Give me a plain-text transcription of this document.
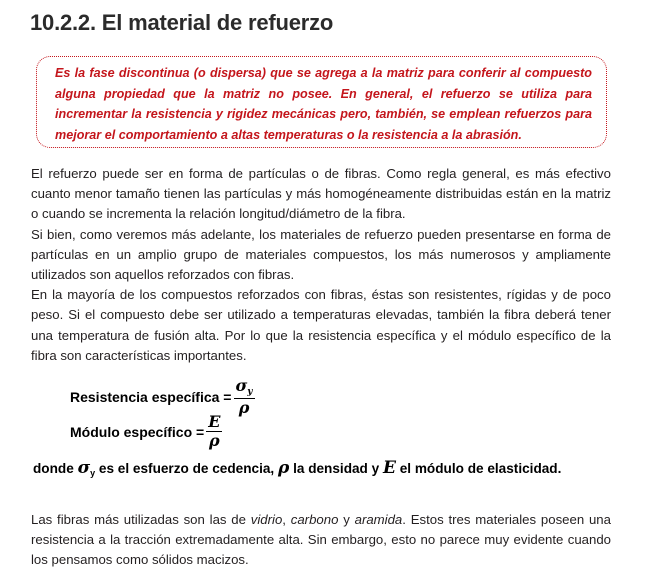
10.2.2. El material de refuerzo

Es la fase discontinua (o dispersa) que se agrega a la matriz para conferir al compuesto alguna propiedad que la matriz no posee. En general, el refuerzo se utiliza para incrementar la resistencia y rigidez mecánicas pero, también, se emplean refuerzos para mejorar el comportamiento a altas temperaturas o la resistencia a la abrasión.

El refuerzo puede ser en forma de partículas o de fibras. Como regla general, es más efectivo cuanto menor tamaño tienen las partículas y más homogéneamente distribuidas están en la matriz o cuando se incrementa la relación longitud/diámetro de la fibra.

Si bien, como veremos más adelante, los materiales de refuerzo pueden presentarse en forma de partículas en un amplio grupo de materiales compuestos, los más numerosos y ampliamente utilizados son aquellos reforzados con fibras.

En la mayoría de los compuestos reforzados con fibras, éstas son resistentes, rígidas y de poco peso. Si el compuesto debe ser utilizado a temperaturas elevadas, también la fibra deberá tener una temperatura de fusión alta. Por lo que la resistencia específica y el módulo específico de la fibra son características importantes.

Resistencia específica = $\frac{\sigma_y}{\rho}$
Módulo específico = $\frac{E}{\rho}$
donde $\sigma_y$ es el esfuerzo de cedencia, ρ la densidad y E el módulo de elasticidad.

Las fibras más utilizadas son las de vidrio, carbono y aramida. Estos tres materiales poseen una resistencia a la tracción extremadamente alta. Sin embargo, esto no parece muy evidente cuando los pensamos como sólidos macizos.
